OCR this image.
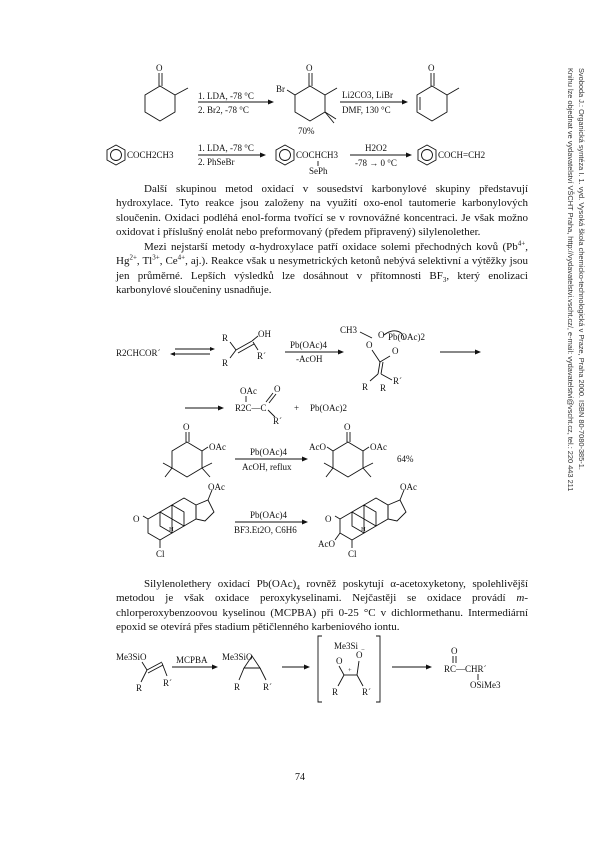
Svoboda J.: Organická syntéza I. 1. vyd. Vysoká škola chemicko-technologická v Praze, Praha 2000. ISBN 80-7080-385-1.
Knihu lze objednat ve vydavatelství VŠCHT Praha, http://vydavatelstvi.vscht.cz/, e-mail: vydavatelstvi@vscht.cz, tel.: 220 443 211
O
1. LDA, -78 °C
2. Br2, -78 °C
Br
O
70%
Li2CO3, LiBr
DMF, 130 °C
O
COCH2CH3
1. LDA, -78 °C
2. PhSeBr
COCHCH3
SePh
H2O2
-78 → 0 °C
COCH=CH2
R2CHCOR´
OH
R
R
R´
Pb(OAc)4
-AcOH
CH3
O
O Pb(OAc)2
O
R R
R´
OAc
R2C—C
O
R´
+ Pb(OAc)2
O
OAc	Pb(OAc)4
AcOH, reflux
O
AcO	OAc
64%
OAc
O
H
Cl
Pb(OAc)4
BF3.Et2O, C6H6
OAc
O
H
AcO
Cl
Me3SiO
R R´
MCPBA Me3SiO
R	R´
Me3Si
O
O
−
+
R	R´
O
RC—CHR´
OSiMe3

Další skupinou metod oxidací v sousedství karbonylové skupiny představují hydroxylace. Tyto reakce jsou založeny na využití oxo-enol tautomerie karbonylových sloučenin. Oxidaci podléhá enol-forma tvořící se v rovnovážné koncentraci. Je však možno oxidovat i příslušný enolát nebo preformovaný (předem připravený) silylenolether.

Mezi nejstarší metody α-hydroxylace patří oxidace solemi přechodných kovů ($Pb^{4+}$, $Hg^{2+}$, $Tl^{3+}$, $Ce^{4+}$, aj.). Reakce však u nesymetrických ketonů nebývá selektivní a výtěžky jsou jen průměrné. Lepších výsledků lze dosáhnout v přítomnosti $BF_3$, který enolizaci karbonylové sloučeniny usnadňuje.

Silylenolethery oxidací $Pb(OAc)_4$ rovněž poskytují α-acetoxyketony, spolehlivější metodou je však oxidace peroxykyselinami. Nejčastěji se oxidace provádí m-chlorperoxybenzoovou kyselinou (MCPBA) při 0-25 °C v dichlormethanu. Intermediární epoxid se otevírá přes stadium pětičlenného karbeniového iontu.

74
